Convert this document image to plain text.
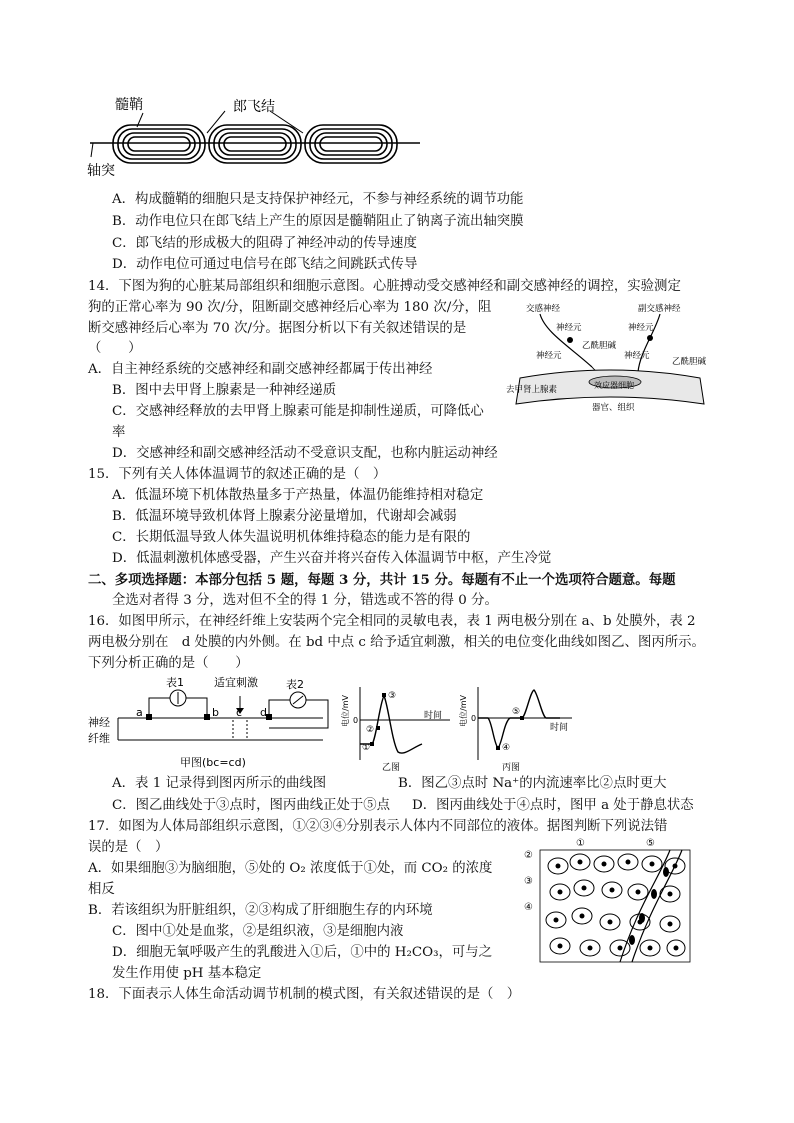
髓鞘	郎飞结
轴突
A．构成髓鞘的细胞只是支持保护神经元，不参与神经系统的调节功能
B．动作电位只在郎飞结上产生的原因是髓鞘阻止了钠离子流出轴突膜
C．郎飞结的形成极大的阻碍了神经冲动的传导速度
D．动作电位可通过电信号在郎飞结之间跳跃式传导
14．下图为狗的心脏某局部组织和细胞示意图。心脏搏动受交感神经和副交感神经的调控，实验测定
狗的正常心率为 90 次/分，阻断副交感神经后心率为 180 次/分，阻
断交感神经后心率为 70 次/分。据图分析以下有关叙述错误的是
（　　）
A．自主神经系统的交感神经和副交感神经都属于传出神经
B．图中去甲肾上腺素是一种神经递质
C．交感神经释放的去甲肾上腺素可能是抑制性递质，可降低心
率
D．交感神经和副交感神经活动不受意识支配，也称内脏运动神经
交感神经	副交感神经
神经元	神经元
神经元	神经元
乙酰胆碱
乙酰胆碱
去甲肾上腺素	效应器细胞
器官、组织
15．下列有关人体体温调节的叙述正确的是（　）
A．低温环境下机体散热量多于产热量，体温仍能维持相对稳定
B．低温环境导致机体肾上腺素分泌量增加，代谢却会减弱
C．长期低温导致人体失温说明机体维持稳态的能力是有限的
D．低温刺激机体感受器，产生兴奋并将兴奋传入体温调节中枢，产生冷觉
二、多项选择题：本部分包括 5 题，每题 3 分，共计 15 分。每题有不止一个选项符合题意。每题
全选对者得 3 分，选对但不全的得 1 分，错选或不答的得 0 分。
16．如图甲所示，在神经纤维上安装两个完全相同的灵敏电表，表 1 两电极分别在 a、b 处膜外，表 2
两电极分别在　d 处膜的内外侧。在 bd 中点 c 给予适宜刺激，相关的电位变化曲线如图乙、图丙所示。
下列分析正确的是（　　）
表1	表2
适宜刺激
a	b c d
神经
纤维
甲图(bc=cd)
电位/mV 0	时间
③
②
①
乙图
电位/mV 0
时间
⑤
④
丙图
A．表 1 记录得到图丙所示的曲线图	B．图乙③点时 Na⁺的内流速率比②点时更大
C．图乙曲线处于③点时，图丙曲线正处于⑤点 D．图丙曲线处于④点时，图甲 a 处于静息状态
17．如图为人体局部组织示意图，①②③④分别表示人体内不同部位的液体。据图判断下列说法错
误的是（　）
A．如果细胞③为脑细胞，⑤处的 O₂ 浓度低于①处，而 CO₂ 的浓度
相反
B．若该组织为肝脏组织，②③构成了肝细胞生存的内环境
C．图中①处是血浆，②是组织液，③是细胞内液
D．细胞无氧呼吸产生的乳酸进入①后，①中的 H₂CO₃，可与之
发生作用使 pH 基本稳定
②
③
④
①	⑤
18．下面表示人体生命活动调节机制的模式图，有关叙述错误的是（　）
